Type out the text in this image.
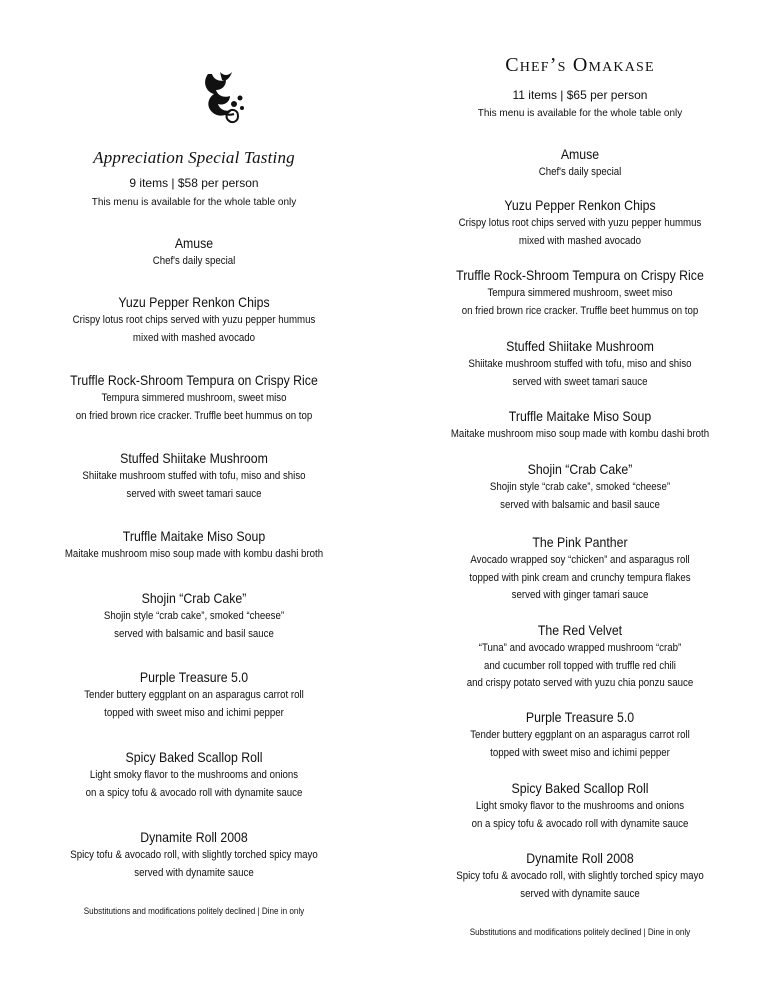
Appreciation Special Tasting
9 items | $58 per person
This menu is available for the whole table only
Amuse
Chef's daily special
Yuzu Pepper Renkon Chips
Crispy lotus root chips served with yuzu pepper hummus
mixed with mashed avocado
Truffle Rock-Shroom Tempura on Crispy Rice
Tempura simmered mushroom, sweet miso
on fried brown rice cracker. Truffle beet hummus on top
Stuffed Shiitake Mushroom
Shiitake mushroom stuffed with tofu, miso and shiso
served with sweet tamari sauce
Truffle Maitake Miso Soup
Maitake mushroom miso soup made with kombu dashi broth
Shojin “Crab Cake”
Shojin style “crab cake”, smoked “cheese”
served with balsamic and basil sauce
Purple Treasure 5.0
Tender buttery eggplant on an asparagus carrot roll
topped with sweet miso and ichimi pepper
Spicy Baked Scallop Roll
Light smoky flavor to the mushrooms and onions
on a spicy tofu & avocado roll with dynamite sauce
Dynamite Roll 2008
Spicy tofu & avocado roll, with slightly torched spicy mayo
served with dynamite sauce
Substitutions and modifications politely declined | Dine in only
Chef’s Omakase
11 items | $65 per person
This menu is available for the whole table only
Amuse
Chef's daily special
Yuzu Pepper Renkon Chips
Crispy lotus root chips served with yuzu pepper hummus
mixed with mashed avocado
Truffle Rock-Shroom Tempura on Crispy Rice
Tempura simmered mushroom, sweet miso
on fried brown rice cracker. Truffle beet hummus on top
Stuffed Shiitake Mushroom
Shiitake mushroom stuffed with tofu, miso and shiso
served with sweet tamari sauce
Truffle Maitake Miso Soup
Maitake mushroom miso soup made with kombu dashi broth
Shojin “Crab Cake”
Shojin style “crab cake”, smoked “cheese”
served with balsamic and basil sauce
The Pink Panther
Avocado wrapped soy “chicken” and asparagus roll
topped with pink cream and crunchy tempura flakes
served with ginger tamari sauce
The Red Velvet
“Tuna” and avocado wrapped mushroom “crab”
and cucumber roll topped with truffle red chili
and crispy potato served with yuzu chia ponzu sauce
Purple Treasure 5.0
Tender buttery eggplant on an asparagus carrot roll
topped with sweet miso and ichimi pepper
Spicy Baked Scallop Roll
Light smoky flavor to the mushrooms and onions
on a spicy tofu & avocado roll with dynamite sauce
Dynamite Roll 2008
Spicy tofu & avocado roll, with slightly torched spicy mayo
served with dynamite sauce
Substitutions and modifications politely declined | Dine in only
